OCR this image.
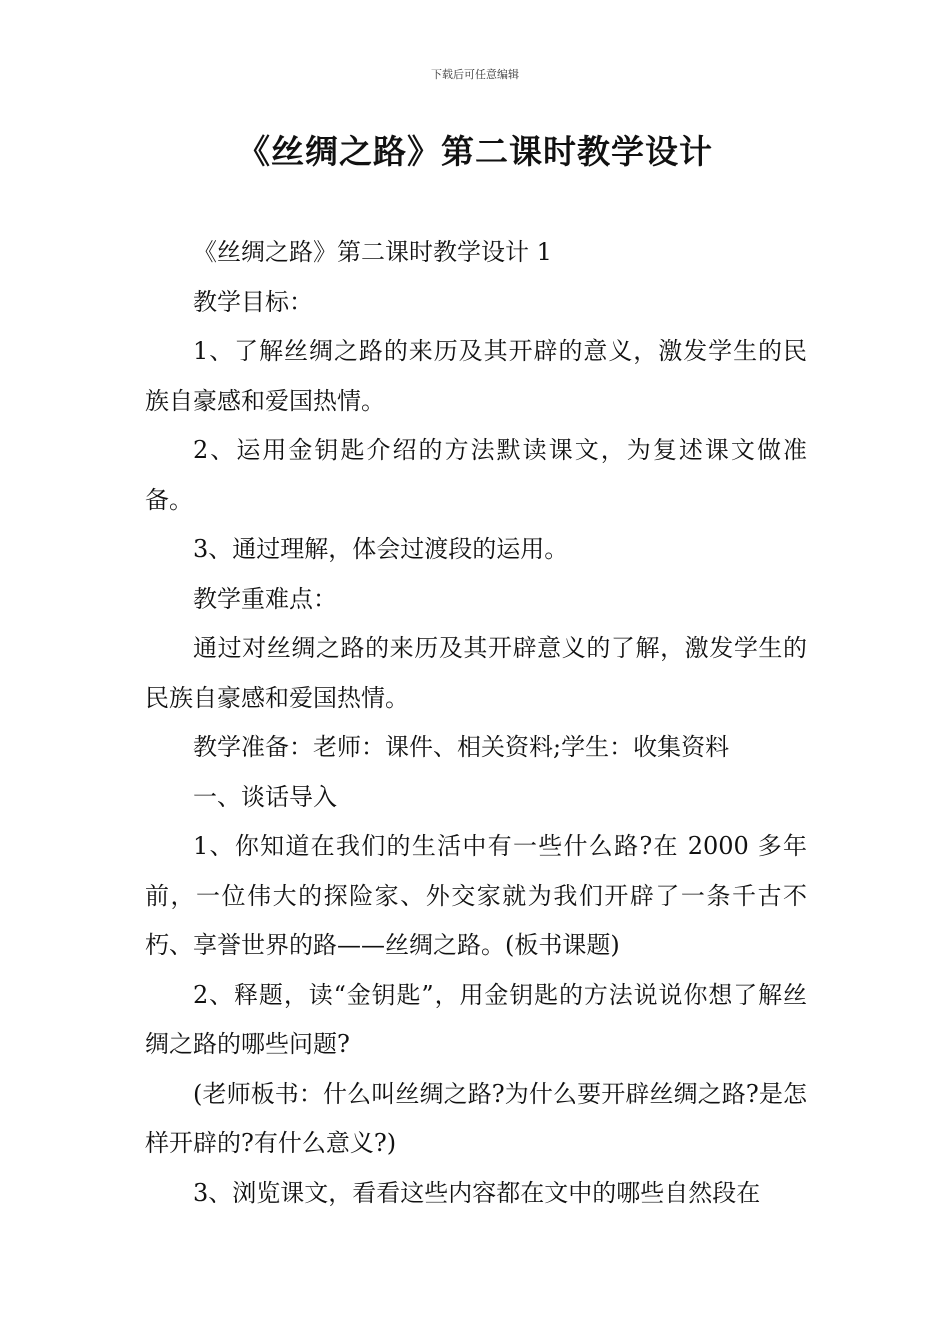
下载后可任意编辑
《丝绸之路》第二课时教学设计

《丝绸之路》第二课时教学设计 1

教学目标：

1、了解丝绸之路的来历及其开辟的意义，激发学生的民族自豪感和爱国热情。

2、运用金钥匙介绍的方法默读课文，为复述课文做准备。

3、通过理解，体会过渡段的运用。

教学重难点：

通过对丝绸之路的来历及其开辟意义的了解，激发学生的民族自豪感和爱国热情。

教学准备：老师：课件、相关资料;学生：收集资料

一、谈话导入

1、你知道在我们的生活中有一些什么路?在 2000 多年前，一位伟大的探险家、外交家就为我们开辟了一条千古不朽、享誉世界的路——丝绸之路。(板书课题)

2、释题，读“金钥匙”，用金钥匙的方法说说你想了解丝绸之路的哪些问题?

(老师板书：什么叫丝绸之路?为什么要开辟丝绸之路?是怎样开辟的?有什么意义?)

3、浏览课文，看看这些内容都在文中的哪些自然段在
